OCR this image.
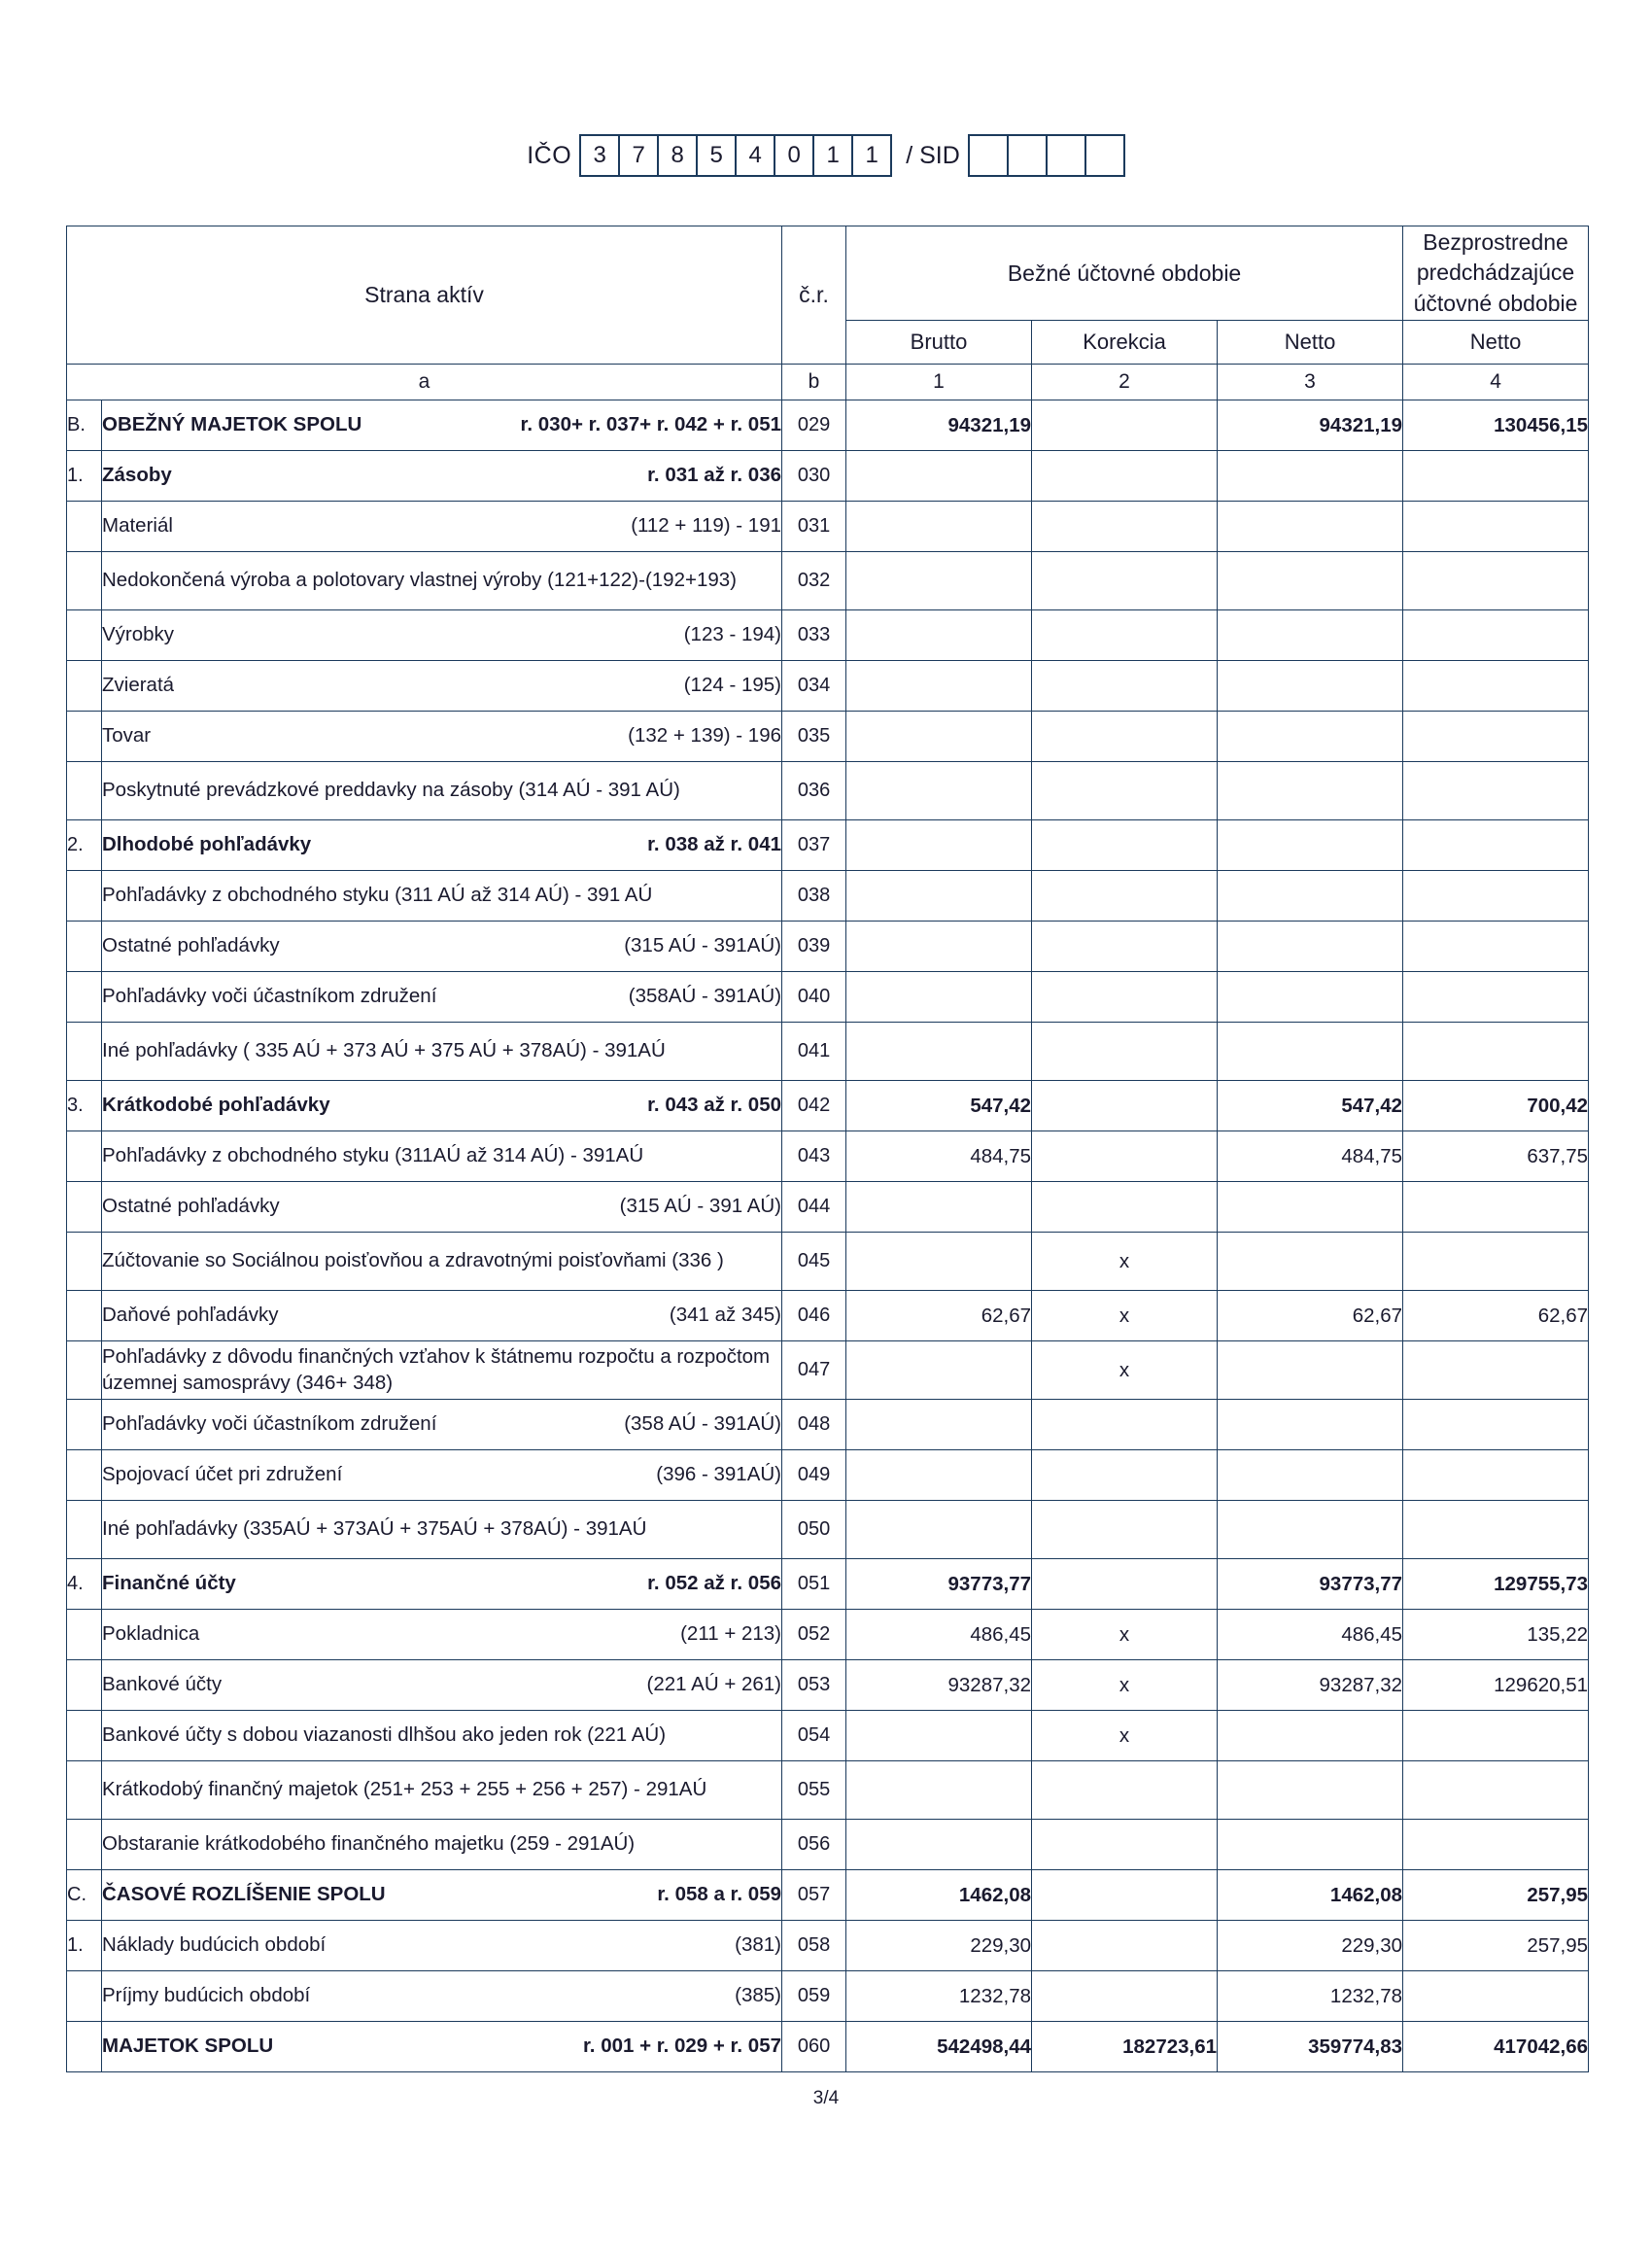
IČO 3	7	8	5	4	0	1	1	/ SID
Strana aktív		č.r.	Bežné účtovné obdobie			Bezprostredne
predchádzajúce
účtovné obdobie

			Brutto	Korekcia	Netto	Netto
a		b	1	2	3	4
B.	OBEŽNÝ MAJETOK SPOLU r. 030+ r. 037+ r. 042 + r. 051	029	94321,19		94321,19	130456,15
1.	Zásoby r. 031 až r. 036	030				

	Materiál (112 + 119) - 191	031				

	Nedokončená výroba a polotovary vlastnej výroby (121+122)-(192+193)	032				

	Výrobky (123 - 194)	033				

	Zvieratá (124 - 195)	034				

	Tovar (132 + 139) - 196	035				

	Poskytnuté prevádzkové preddavky na zásoby (314 AÚ - 391 AÚ)	036				
2.	Dlhodobé pohľadávky r. 038 až r. 041	037				

	Pohľadávky z obchodného styku (311 AÚ až 314 AÚ) - 391 AÚ	038				

	Ostatné pohľadávky (315 AÚ - 391AÚ)	039				

	Pohľadávky voči účastníkom združení (358AÚ - 391AÚ)	040				

	Iné pohľadávky ( 335 AÚ + 373 AÚ + 375 AÚ + 378AÚ) - 391AÚ	041				
3.	Krátkodobé pohľadávky r. 043 až r. 050	042	547,42		547,42	700,42

	Pohľadávky z obchodného styku (311AÚ až 314 AÚ) - 391AÚ	043	484,75		484,75	637,75

	Ostatné pohľadávky (315 AÚ - 391 AÚ)	044				

	Zúčtovanie so Sociálnou poisťovňou a zdravotnými poisťovňami (336 )	045		x		

	Daňové pohľadávky (341 až 345)	046	62,67	x	62,67	62,67

	Pohľadávky z dôvodu finančných vzťahov k štátnemu rozpočtu a rozpočtom územnej samosprávy (346+ 348)	047		x		

	Pohľadávky voči účastníkom združení (358 AÚ - 391AÚ)	048				

	Spojovací účet pri združení (396 - 391AÚ)	049				

	Iné pohľadávky (335AÚ + 373AÚ + 375AÚ + 378AÚ) - 391AÚ	050				
4.	Finančné účty r. 052 až r. 056	051	93773,77		93773,77	129755,73

	Pokladnica (211 + 213)	052	486,45	x	486,45	135,22

	Bankové účty (221 AÚ + 261)	053	93287,32	x	93287,32	129620,51

	Bankové účty s dobou viazanosti dlhšou ako jeden rok (221 AÚ)	054		x		

	Krátkodobý finančný majetok (251+ 253 + 255 + 256 + 257) - 291AÚ	055				

	Obstaranie krátkodobého finančného majetku (259 - 291AÚ)	056				
C.	ČASOVÉ ROZLÍŠENIE SPOLU r. 058 a r. 059	057	1462,08		1462,08	257,95
1.	Náklady budúcich období (381)	058	229,30		229,30	257,95

	Príjmy budúcich období (385)	059	1232,78		1232,78	

	MAJETOK SPOLU r. 001 + r. 029 + r. 057	060	542498,44	182723,61	359774,83	417042,66
3/4
